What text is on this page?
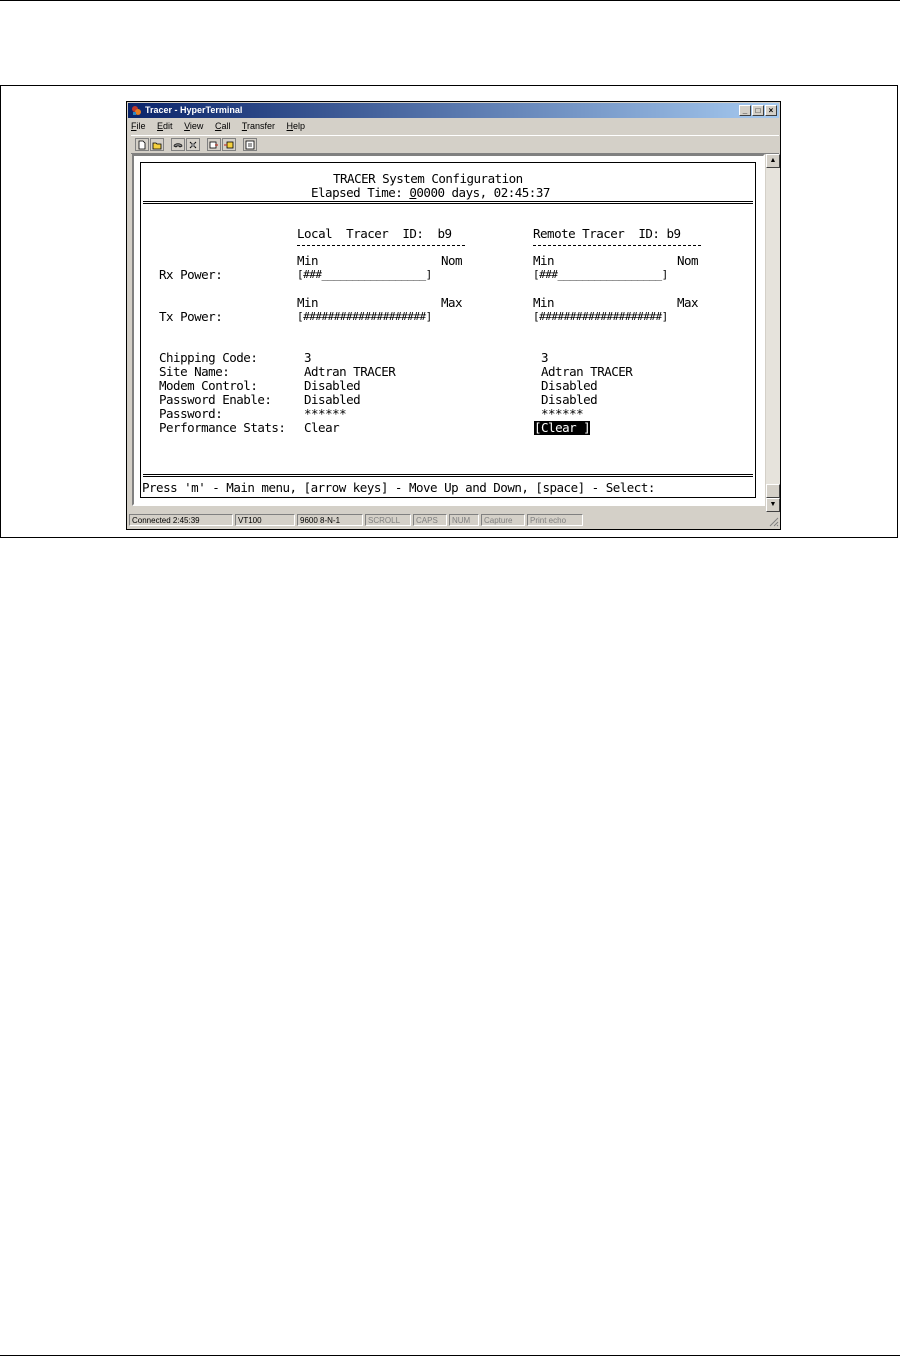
Tracer - HyperTerminal	_ □ ×
File Edit View Call Transfer Help
TRACER System Configuration
Elapsed Time: 00000 days, 02:45:37
Local  Tracer  ID:  b9	Remote Tracer  ID: b9
Min	Nom	Min	Nom
Rx Power:	[###_________________]	[###_________________]
Min	Max	Min	Max
Tx Power:	[####################]	[####################]
Chipping Code:	3	3
Site Name:	Adtran TRACER	Adtran TRACER
Modem Control:	Disabled	Disabled
Password Enable:	Disabled	Disabled
Password:	******	******
Performance Stats: Clear	[Clear ]
Press 'm' - Main menu, [arrow keys] - Move Up and Down, [space] - Select:
▲
▼
Connected 2:45:39	VT100	9600 8-N-1	SCROLL	CAPS	NUM	Capture	Print echo
